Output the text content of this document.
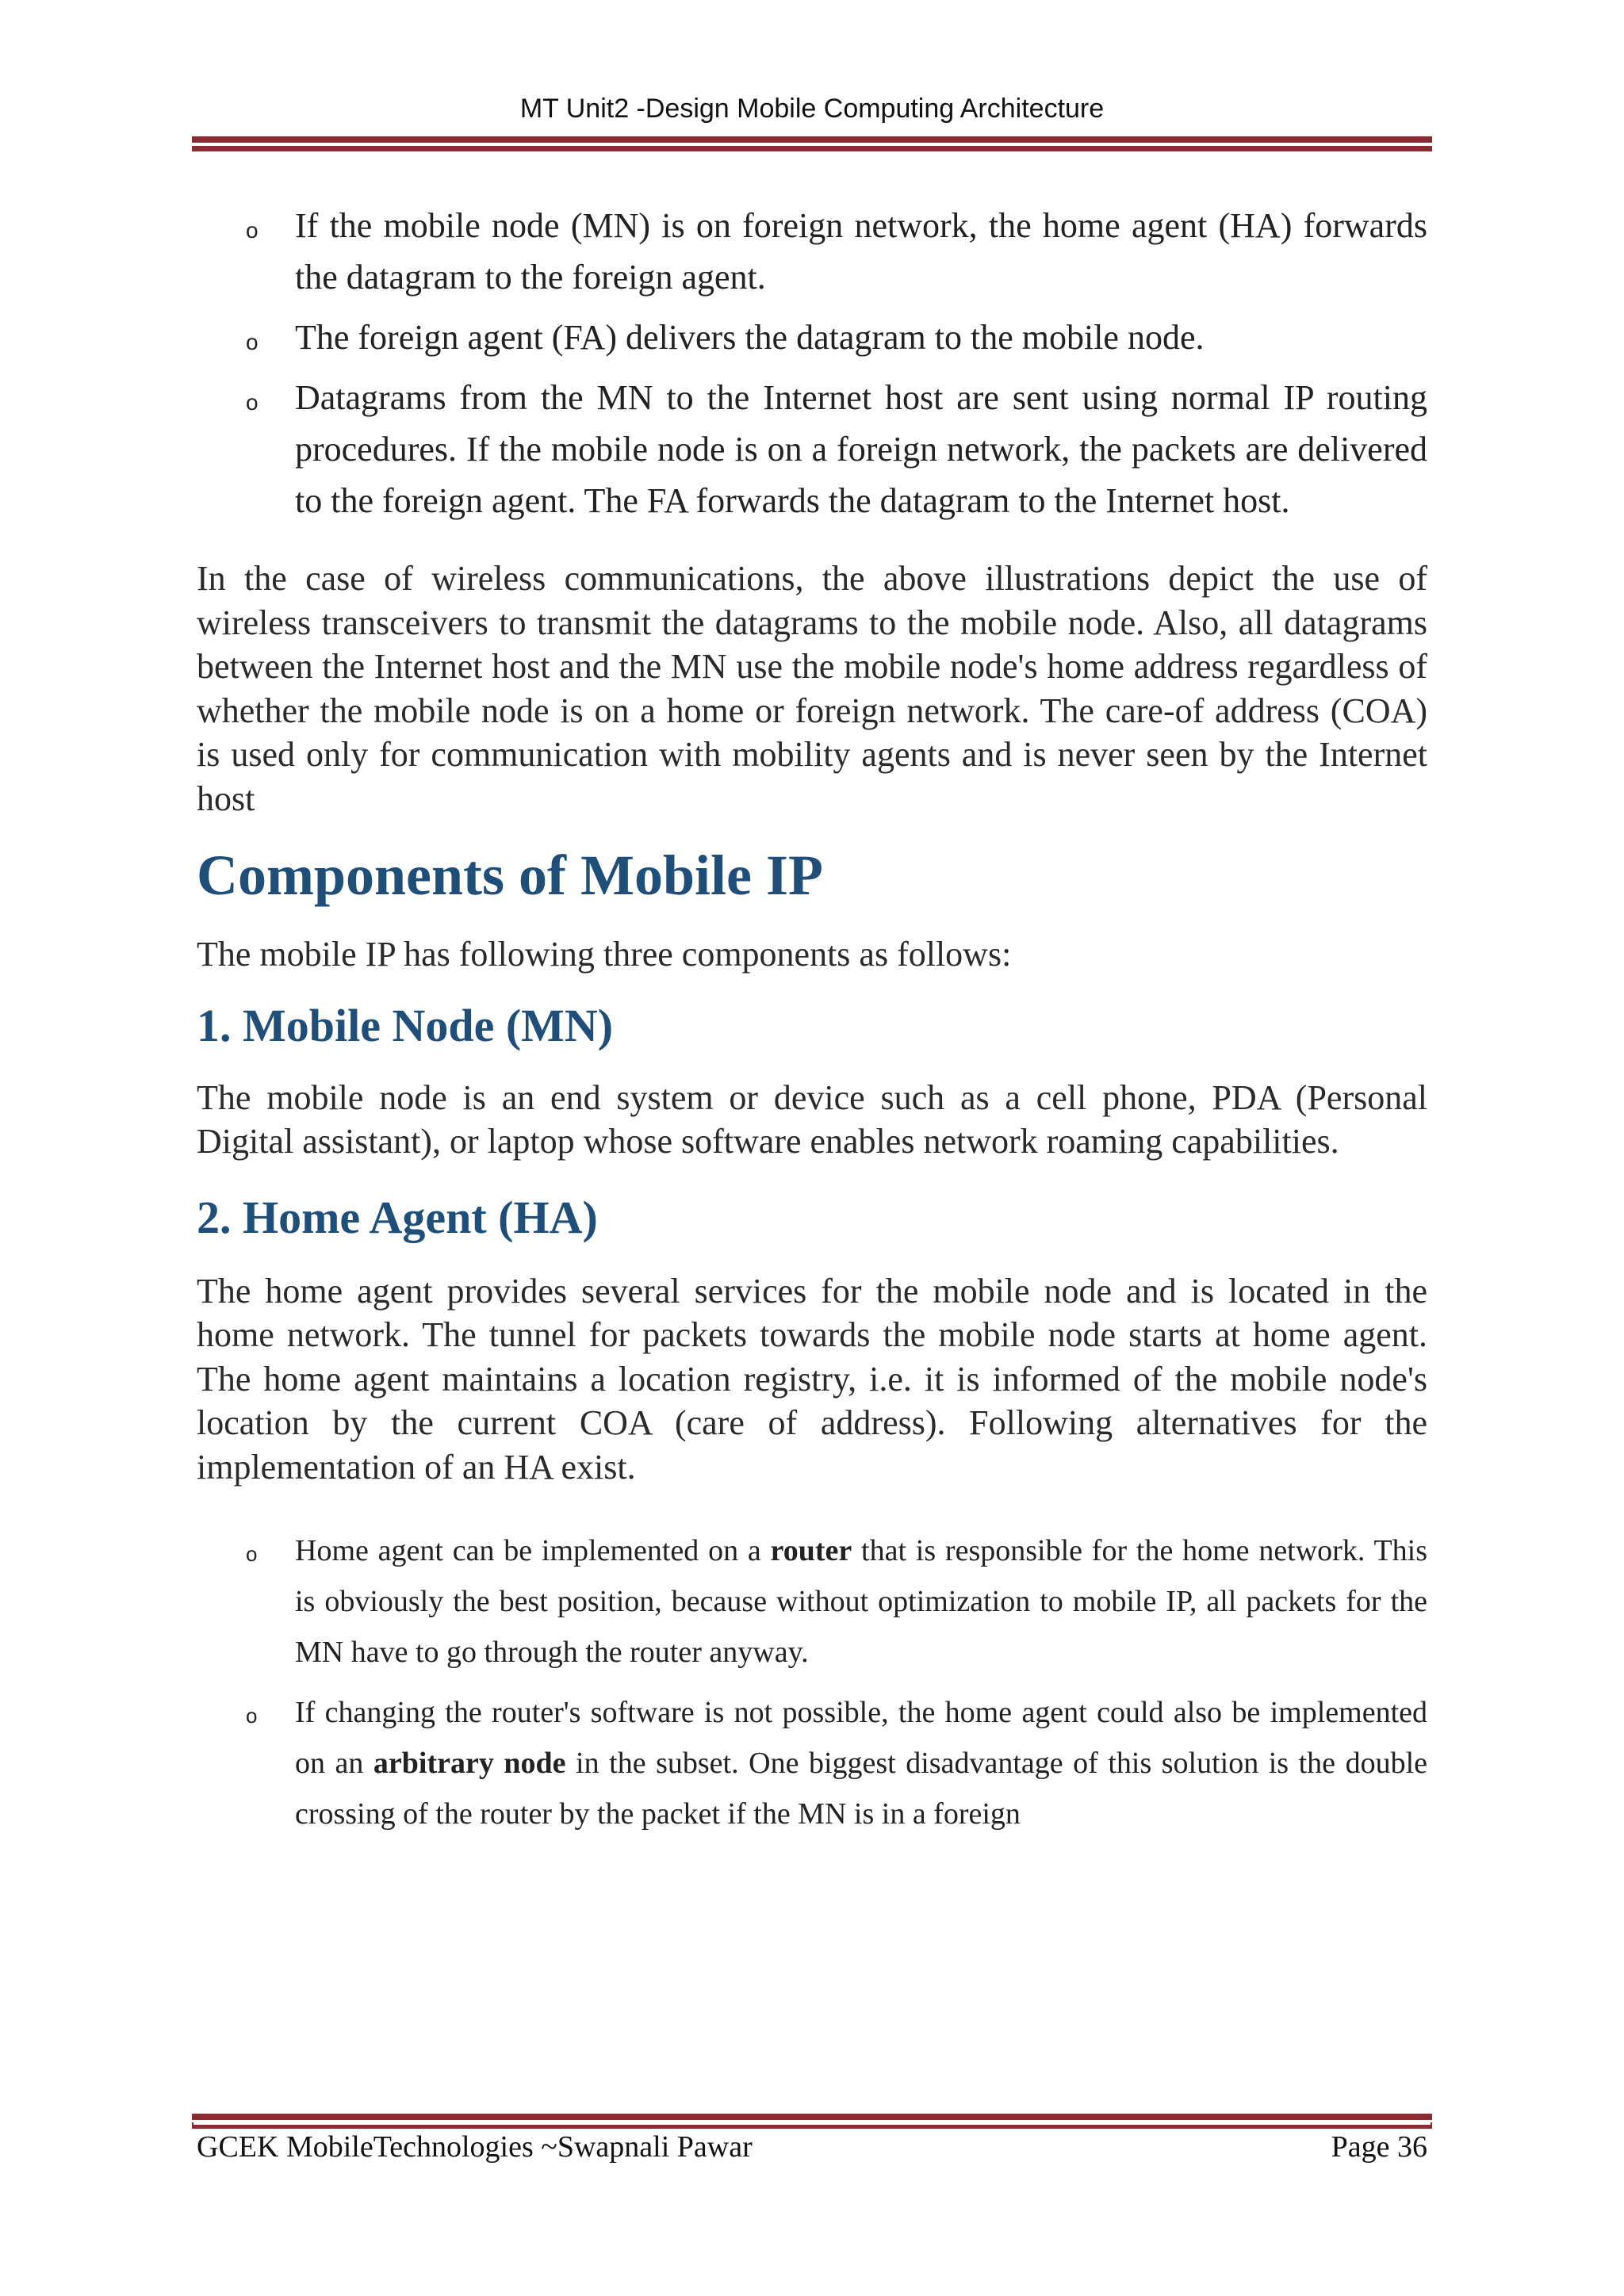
MT Unit2 -Design Mobile Computing Architecture
o If the mobile node (MN) is on foreign network, the home agent (HA) forwards the datagram to the foreign agent.
o The foreign agent (FA) delivers the datagram to the mobile node.
o Datagrams from the MN to the Internet host are sent using normal IP routing procedures. If the mobile node is on a foreign network, the packets are delivered to the foreign agent. The FA forwards the datagram to the Internet host.

In the case of wireless communications, the above illustrations depict the use of wireless transceivers to transmit the datagrams to the mobile node. Also, all datagrams between the Internet host and the MN use the mobile node's home address regardless of whether the mobile node is on a home or foreign network. The care-of address (COA) is used only for communication with mobility agents and is never seen by the Internet host

Components of Mobile IP

The mobile IP has following three components as follows:

1. Mobile Node (MN)

The mobile node is an end system or device such as a cell phone, PDA (Personal Digital assistant), or laptop whose software enables network roaming capabilities.

2. Home Agent (HA)

The home agent provides several services for the mobile node and is located in the home network. The tunnel for packets towards the mobile node starts at home agent. The home agent maintains a location registry, i.e. it is informed of the mobile node's location by the current COA (care of address). Following alternatives for the implementation of an HA exist.

o Home agent can be implemented on a router that is responsible for the home network. This is obviously the best position, because without optimization to mobile IP, all packets for the MN have to go through the router anyway.
o If changing the router's software is not possible, the home agent could also be implemented on an arbitrary node in the subset. One biggest disadvantage of this solution is the double crossing of the router by the packet if the MN is in a foreign
GCEK MobileTechnologies ~Swapnali Pawar	Page 36
